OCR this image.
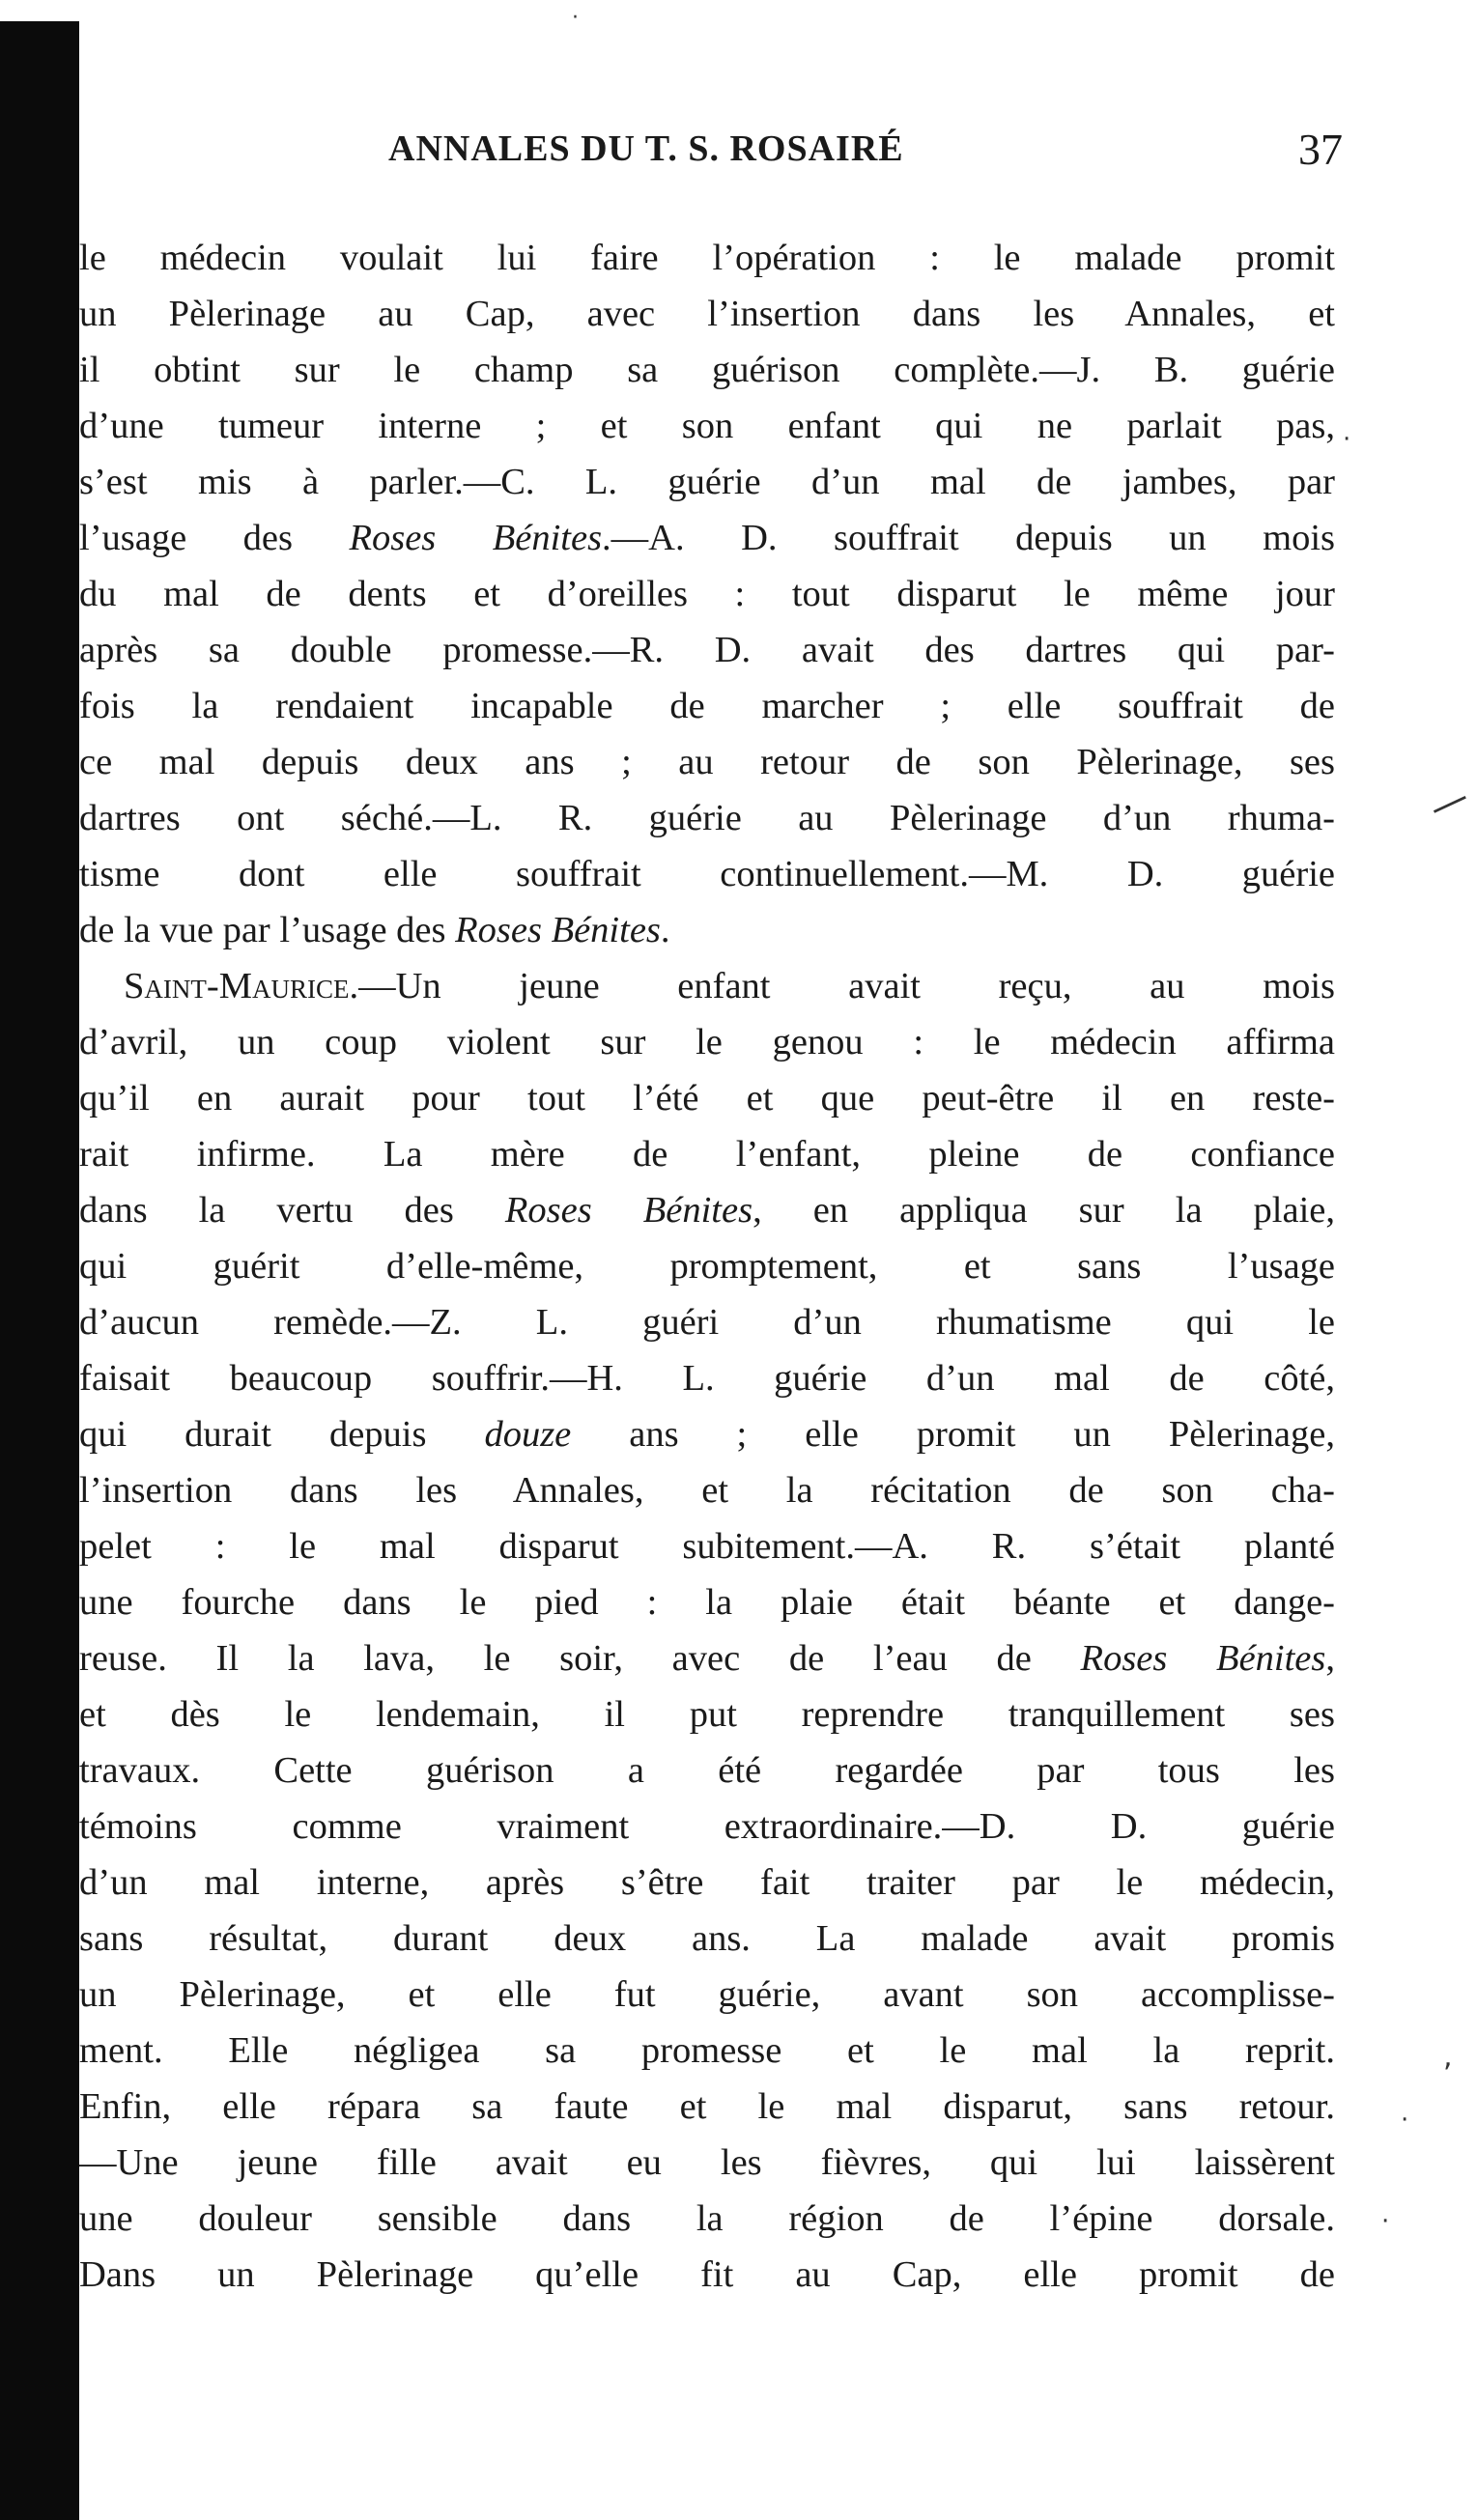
·
—
,
·
·
·
ANNALES DU T. S. ROSAIRÉ	37
le médecin voulait lui faire l’opération : le malade promit
un Pèlerinage au Cap, avec l’insertion dans les Annales, et
il obtint sur le champ sa guérison complète.—J. B. guérie
d’une tumeur interne ; et son enfant qui ne parlait pas,
s’est mis à parler.—C. L. guérie d’un mal de jambes, par
l’usage des Roses Bénites.—A. D. souffrait depuis un mois
du mal de dents et d’oreilles : tout disparut le même jour
après sa double promesse.—R. D. avait des dartres qui par-
fois la rendaient incapable de marcher ; elle souffrait de
ce mal depuis deux ans ; au retour de son Pèlerinage, ses
dartres ont séché.—L. R. guérie au Pèlerinage d’un rhuma-
tisme dont elle souffrait continuellement.—M. D. guérie
de la vue par l’usage des Roses Bénites.
Saint-Maurice.—Un jeune enfant avait reçu, au mois
d’avril, un coup violent sur le genou : le médecin affirma
qu’il en aurait pour tout l’été et que peut-être il en reste-
rait infirme. La mère de l’enfant, pleine de confiance
dans la vertu des Roses Bénites, en appliqua sur la plaie,
qui guérit d’elle-même, promptement, et sans l’usage
d’aucun remède.—Z. L. guéri d’un rhumatisme qui le
faisait beaucoup souffrir.—H. L. guérie d’un mal de côté,
qui durait depuis douze ans ; elle promit un Pèlerinage,
l’insertion dans les Annales, et la récitation de son cha-
pelet : le mal disparut subitement.—A. R. s’était planté
une fourche dans le pied : la plaie était béante et dange-
reuse. Il la lava, le soir, avec de l’eau de Roses Bénites,
et dès le lendemain, il put reprendre tranquillement ses
travaux. Cette guérison a été regardée par tous les
témoins comme vraiment extraordinaire.—D. D. guérie
d’un mal interne, après s’être fait traiter par le médecin,
sans résultat, durant deux ans. La malade avait promis
un Pèlerinage, et elle fut guérie, avant son accomplisse-
ment. Elle négligea sa promesse et le mal la reprit.
Enfin, elle répara sa faute et le mal disparut, sans retour.
—Une jeune fille avait eu les fièvres, qui lui laissèrent
une douleur sensible dans la région de l’épine dorsale.
Dans un Pèlerinage qu’elle fit au Cap, elle promit de
